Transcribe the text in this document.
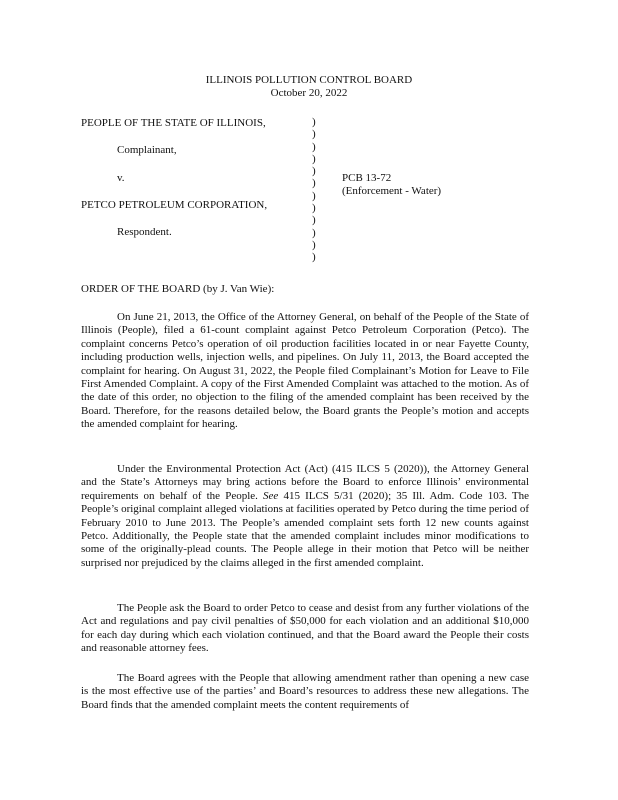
ILLINOIS POLLUTION CONTROL BOARD
October 20, 2022
PEOPLE OF THE STATE OF ILLINOIS,
Complainant,
v.
PETCO PETROLEUM CORPORATION,
Respondent.
)
)
)
)
)
)
)
)
)
)
)
)
PCB 13-72
(Enforcement - Water)
ORDER OF THE BOARD (by J. Van Wie):

On June 21, 2013, the Office of the Attorney General, on behalf of the People of the State of Illinois (People), filed a 61-count complaint against Petco Petroleum Corporation (Petco). The complaint concerns Petco’s operation of oil production facilities located in or near Fayette County, including production wells, injection wells, and pipelines. On July 11, 2013, the Board accepted the complaint for hearing. On August 31, 2022, the People filed Complainant’s Motion for Leave to File First Amended Complaint. A copy of the First Amended Complaint was attached to the motion. As of the date of this order, no objection to the filing of the amended complaint has been received by the Board. Therefore, for the reasons detailed below, the Board grants the People’s motion and accepts the amended complaint for hearing.

Under the Environmental Protection Act (Act) (415 ILCS 5 (2020)), the Attorney General and the State’s Attorneys may bring actions before the Board to enforce Illinois’ environmental requirements on behalf of the People. See 415 ILCS 5/31 (2020); 35 Ill. Adm. Code 103. The People’s original complaint alleged violations at facilities operated by Petco during the time period of February 2010 to June 2013. The People’s amended complaint sets forth 12 new counts against Petco. Additionally, the People state that the amended complaint includes minor modifications to some of the originally-plead counts. The People allege in their motion that Petco will be neither surprised nor prejudiced by the claims alleged in the first amended complaint.

The People ask the Board to order Petco to cease and desist from any further violations of the Act and regulations and pay civil penalties of $50,000 for each violation and an additional $10,000 for each day during which each violation continued, and that the Board award the People their costs and reasonable attorney fees.

The Board agrees with the People that allowing amendment rather than opening a new case is the most effective use of the parties’ and Board’s resources to address these new allegations. The Board finds that the amended complaint meets the content requirements of
